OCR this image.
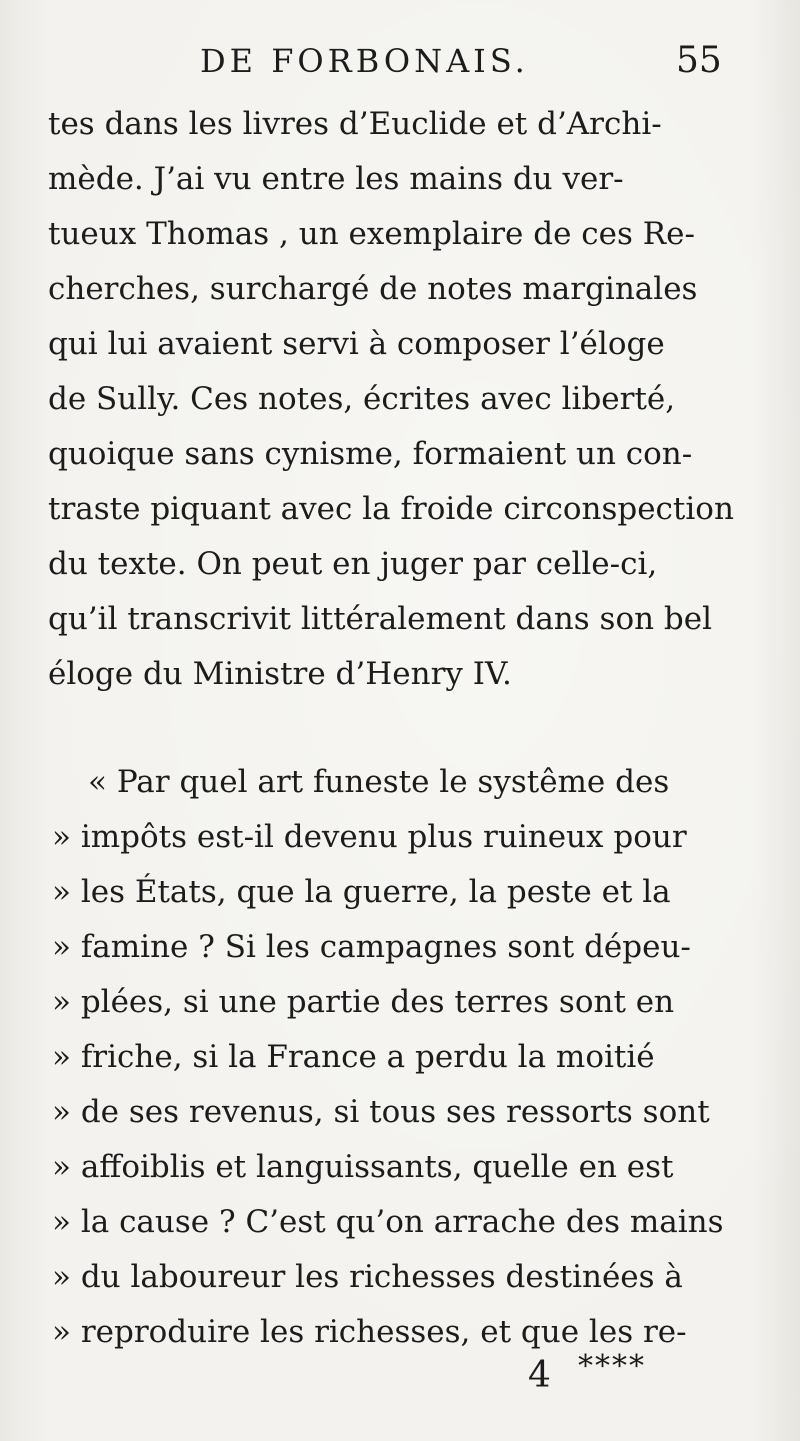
DE FORBONAIS.	55
tes dans les livres d’Euclide et d’Archi-
mède. J’ai vu entre les mains du ver-
tueux Thomas , un exemplaire de ces Re-
cherches, surchargé de notes marginales
qui lui avaient servi à composer l’éloge
de Sully. Ces notes, écrites avec liberté,
quoique sans cynisme, formaient un con-
traste piquant avec la froide circonspection
du texte. On peut en juger par celle-ci,
qu’il transcrivit littéralement dans son bel
éloge du Ministre d’Henry IV.
« Par quel art funeste le systême des
» impôts est-il devenu plus ruineux pour
» les États, que la guerre, la peste et la
» famine ? Si les campagnes sont dépeu-
» plées, si une partie des terres sont en
» friche, si la France a perdu la moitié
» de ses revenus, si tous ses ressorts sont
» affoiblis et languissants, quelle en est
» la cause ? C’est qu’on arrache des mains
» du laboureur les richesses destinées à
» reproduire les richesses, et que les re-
4 ****
